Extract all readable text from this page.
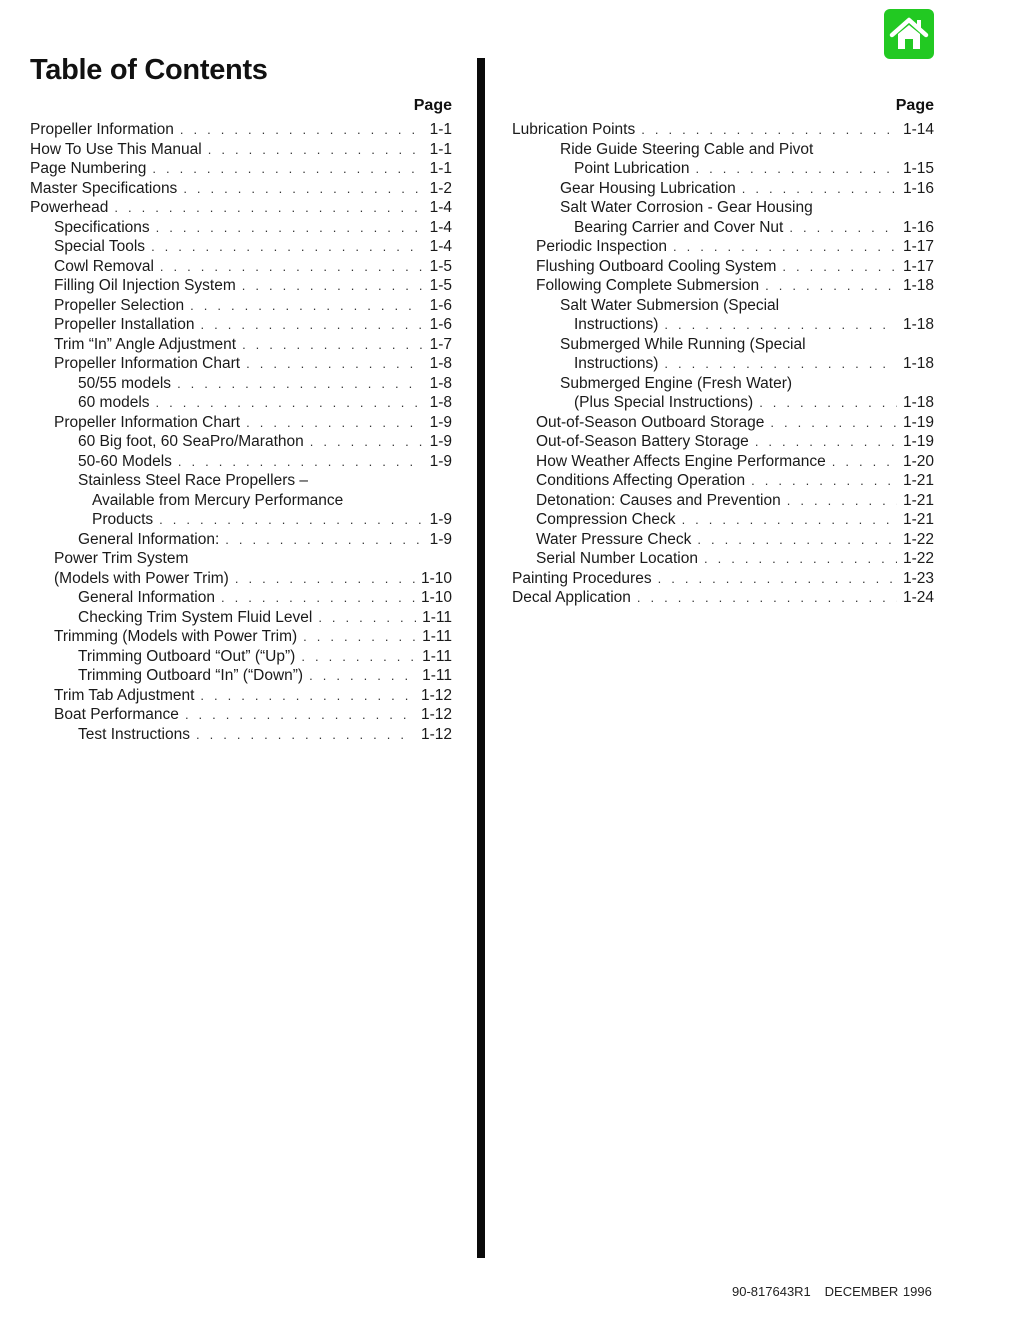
Table of Contents
Page
Propeller Information . . .	1-1
How To Use This Manual . . .	1-1
Page Numbering . . .	1-1
Master Specifications . . .	1-2
Powerhead . . .	1-4
Specifications . . .	1-4
Special Tools . . .	1-4
Cowl Removal . . .	1-5
Filling Oil Injection System . . .	1-5
Propeller Selection . . .	1-6
Propeller Installation . . .	1-6
Trim “In” Angle Adjustment . . .	1-7
Propeller Information Chart . . .	1-8
50/55 models . . .	1-8
60 models . . .	1-8
Propeller Information Chart . . .	1-9
60 Big foot, 60 SeaPro/Marathon . . .	1-9
50-60 Models . . .	1-9
Stainless Steel Race Propellers –
Available from Mercury Performance
Products . . .	1-9
General Information: . . .	1-9
Power Trim System
(Models with Power Trim) . . .	1-10
General Information . . .	1-10
Checking Trim System Fluid Level . . .	1-11
Trimming (Models with Power Trim) . . .	1-11
Trimming Outboard “Out” (“Up”) . . .	1-11
Trimming Outboard “In” (“Down”) . . .	1-11
Trim Tab Adjustment . . .	1-12
Boat Performance . . .	1-12
Test Instructions . . .	1-12
Page
Lubrication Points . . .	1-14
Ride Guide Steering Cable and Pivot
Point Lubrication . . .	1-15
Gear Housing Lubrication . . .	1-16
Salt Water Corrosion - Gear Housing
Bearing Carrier and Cover Nut . . .	1-16
Periodic Inspection . . .	1-17
Flushing Outboard Cooling System . . .	1-17
Following Complete Submersion . . .	1-18
Salt Water Submersion (Special
Instructions) . . .	1-18
Submerged While Running (Special
Instructions) . . .	1-18
Submerged Engine (Fresh Water)
(Plus Special Instructions) . . .	1-18
Out-of-Season Outboard Storage . . .	1-19
Out-of-Season Battery Storage . . .	1-19
How Weather Affects Engine Performance . . .	1-20
Conditions Affecting Operation . . .	1-21
Detonation: Causes and Prevention . . .	1-21
Compression Check . . .	1-21
Water Pressure Check . . .	1-22
Serial Number Location . . .	1-22
Painting Procedures . . .	1-23
Decal Application . . .	1-24
90-817643R1 DECEMBER 1996
